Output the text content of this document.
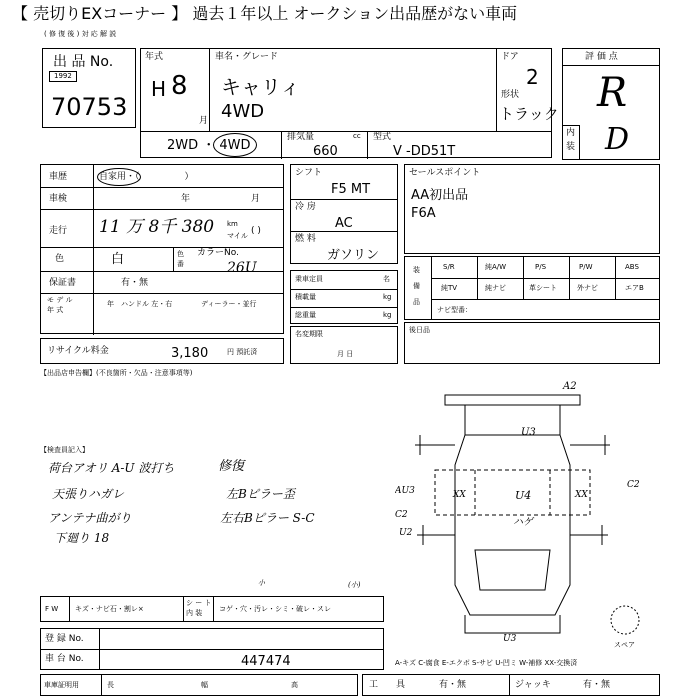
【 売切りEXコーナー 】 過去１年以上 オークション出品歴がない車両
( 修 復 後 ) 対 応 解 説
出 品 No.
1992
70753
年式
H 8
月
車名・グレード
キャリィ
4WD
ドア
2
形状
トラック
2WD ・ 4WD
排気量	cc
660
型式
V ‐DD51T
評 価 点
R
内
装 D
車歴	自家用・（　　　　　）
車検	年	月
走行 11 万 8千 380 km
マイル ( )
色	白	色
番
カラーNo.
26U
保証書	有・無
モ デ ル
年 式
年 ハンドル 左・右	ディーラー・並行
リサイクル料金	3,180	円 預託済
シフト
F5 MT
冷 房
AC
燃 料
ガソリン
乗車定員	名
積載量	kg
総重量	kg
名変期限
月 日
セールスポイント
AA初出品
F6A
装
備
品
S/R	純A/W	P/S	P/W	ABS
純TV	純ナビ	革シート	外ナビ	エアB
ナビ型番：
後日品
【出品店申告欄】(不良箇所・欠品・注意事項等)
【検査員記入】
荷台アオリ A-U 波打ち
天張りハガレ
アンテナ曲がり
下廻り 18
修復
左Bピラー歪
左右Bピラー S-C
A2
U3
AU3	XX	U4
ハゲ
XX
C2
U2
C2
U3
スペア
F W キズ・ナビ石・割レ×
シ ー ト
内 装 コゲ・穴・汚レ・シミ・破レ・スレ
小	(小)
登 録 No.
車 台 No.	447474
車庫証明用	長	幅	高
A-キズ C-腐食 E-エクボ S-サビ U-凹ミ W-補修 XX-交換済
工　　具	有・無	ジャッキ	有・無
